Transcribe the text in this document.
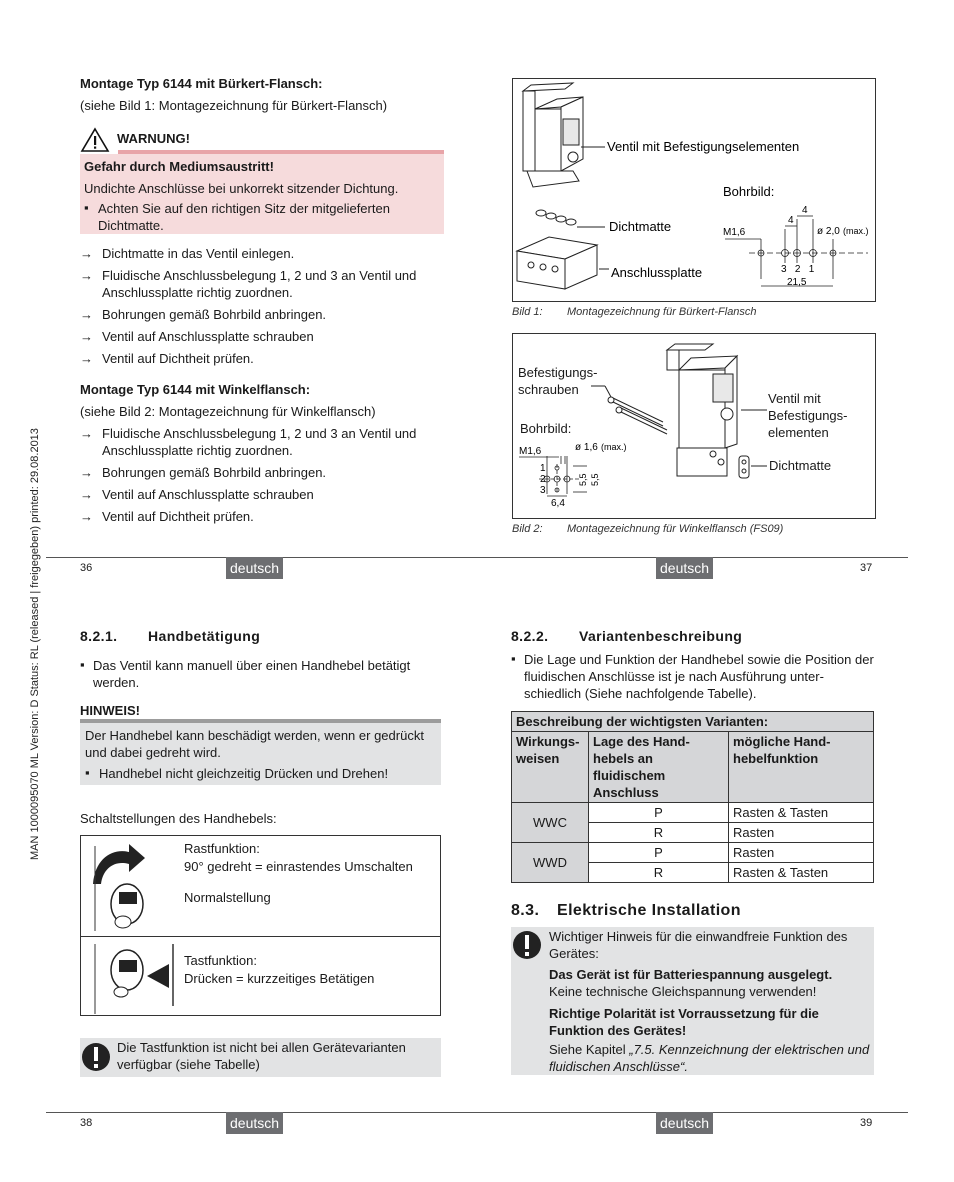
MAN 1000095070 ML Version: D Status: RL (released | freigegeben) printed: 29.08.2013
Montage Typ 6144 mit Bürkert-Flansch:
(siehe Bild 1: Montagezeichnung für Bürkert-Flansch)
WARNUNG!
Gefahr durch Mediumsaustritt!
Undichte Anschlüsse bei unkorrekt sitzender Dichtung.
▪ Achten Sie auf den richtigen Sitz der mitgelieferten Dichtmatte.
→ Dichtmatte in das Ventil einlegen.
→ Fluidische Anschlussbelegung 1, 2 und 3 an Ventil und Anschlussplatte richtig zuordnen.
→ Bohrungen gemäß Bohrbild anbringen.
→ Ventil auf Anschlussplatte schrauben
→ Ventil auf Dichtheit prüfen.
Montage Typ 6144 mit Winkelflansch:
(siehe Bild 2: Montagezeichnung für Winkelflansch)
→ Fluidische Anschlussbelegung 1, 2 und 3 an Ventil und Anschlussplatte richtig zuordnen.
→ Bohrungen gemäß Bohrbild anbringen.
→ Ventil auf Anschlussplatte schrauben
→ Ventil auf Dichtheit prüfen.
36	deutsch	deutsch	37
Ventil mit Befestigungselementen
Dichtmatte
Anschlussplatte
Bohrbild:
M1,6
4
4
ø 2,0 (max.)
3   2   1
21,5
Bild 1: Montagezeichnung für Bürkert-Flansch
Befestigungs-
schrauben
Bohrbild:
Ventil mit
Befestigungs-
elementen
Dichtmatte
M1,6	ø 1,6 (max.)
1
2
3
5,5 5,5
6,4
Bild 2: Montagezeichnung für Winkelflansch (FS09)
8.2.1. Handbetätigung
▪ Das Ventil kann manuell über einen Handhebel betätigt werden.
HINWEIS!
Der Handhebel kann beschädigt werden, wenn er gedrückt und dabei gedreht wird.
▪ Handhebel nicht gleichzeitig Drücken und Drehen!
Schaltstellungen des Handhebels:
Rastfunktion:
90° gedreht = einrastendes Umschalten
Normalstellung
Tastfunktion:
Drücken = kurzzeitiges Betätigen
Die Tastfunktion ist nicht bei allen Gerätevarianten verfügbar (siehe Tabelle)
8.2.2. Variantenbeschreibung
▪ Die Lage und Funktion der Handhebel sowie die Position der fluidischen Anschlüsse ist je nach Ausführung unterschiedlich (Siehe nachfolgende Tabelle).
Beschreibung der wichtigsten Varianten:		
Wirkungs-
weisen	Lage des Hand-
hebels an
fluidischem
Anschluss	mögliche Hand-
hebelfunktion
WWC	P	Rasten & Tasten
	R	Rasten
WWD	P	Rasten
	R	Rasten & Tasten
8.3. Elektrische Installation
Wichtiger Hinweis für die einwandfreie Funktion des Gerätes:
Das Gerät ist für Batteriespannung ausgelegt.
Keine technische Gleichspannung verwenden!
Richtige Polarität ist Vorraussetzung für die Funktion des Gerätes!
Siehe Kapitel „7.5. Kennzeichnung der elektrischen und fluidischen Anschlüsse“.
38	deutsch	deutsch	39
